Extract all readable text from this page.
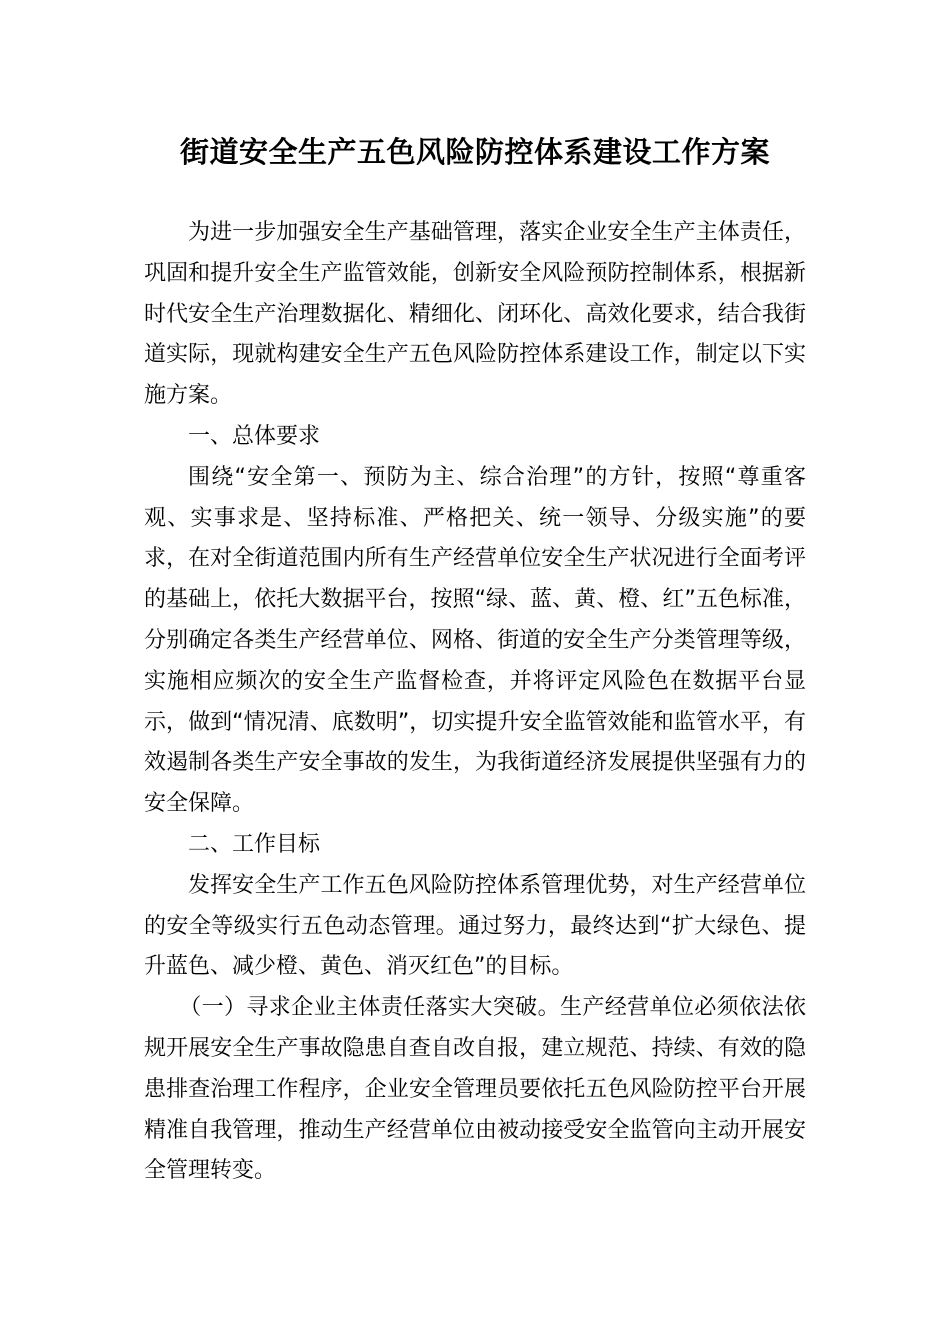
街道安全生产五色风险防控体系建设工作方案

为进一步加强安全生产基础管理，落实企业安全生产主体责任，巩固和提升安全生产监管效能，创新安全风险预防控制体系，根据新时代安全生产治理数据化、精细化、闭环化、高效化要求，结合我街道实际，现就构建安全生产五色风险防控体系建设工作，制定以下实施方案。

一、总体要求

围绕“安全第一、预防为主、综合治理”的方针，按照“尊重客观、实事求是、坚持标准、严格把关、统一领导、分级实施”的要求，在对全街道范围内所有生产经营单位安全生产状况进行全面考评的基础上，依托大数据平台，按照“绿、蓝、黄、橙、红”五色标准，分别确定各类生产经营单位、网格、街道的安全生产分类管理等级，实施相应频次的安全生产监督检查，并将评定风险色在数据平台显示，做到“情况清、底数明”，切实提升安全监管效能和监管水平，有效遏制各类生产安全事故的发生，为我街道经济发展提供坚强有力的安全保障。

二、工作目标

发挥安全生产工作五色风险防控体系管理优势，对生产经营单位的安全等级实行五色动态管理。通过努力，最终达到“扩大绿色、提升蓝色、减少橙、黄色、消灭红色”的目标。

（一）寻求企业主体责任落实大突破。生产经营单位必须依法依规开展安全生产事故隐患自查自改自报，建立规范、持续、有效的隐患排查治理工作程序，企业安全管理员要依托五色风险防控平台开展精准自我管理，推动生产经营单位由被动接受安全监管向主动开展安全管理转变。
